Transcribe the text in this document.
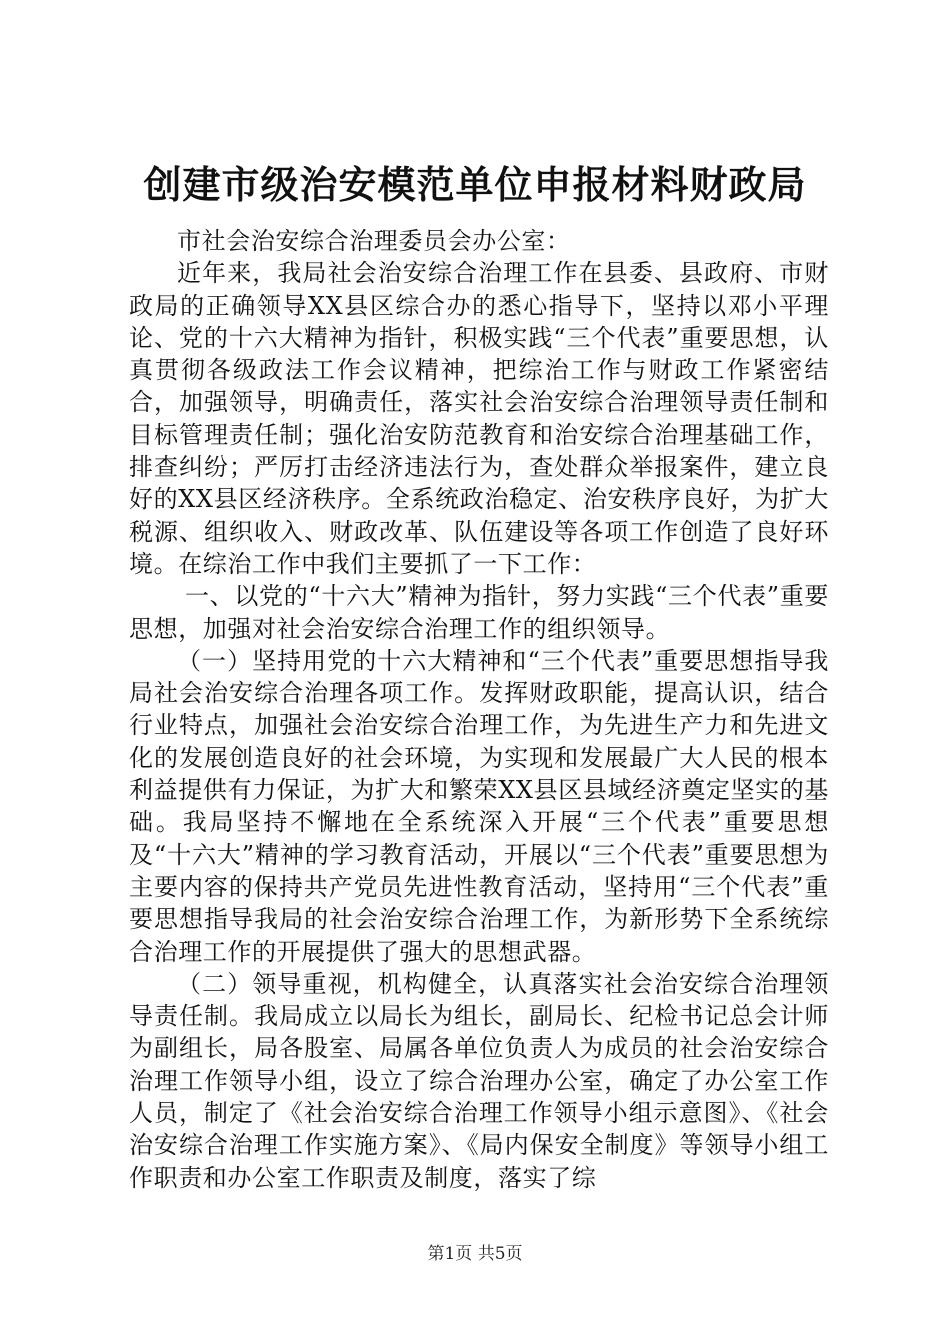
创建市级治安模范单位申报材料财政局

市社会治安综合治理委员会办公室：

近年来，我局社会治安综合治理工作在县委、县政府、市财政局的正确领导XX县区综合办的悉心指导下，坚持以邓小平理论、党的十六大精神为指针，积极实践“三个代表”重要思想，认真贯彻各级政法工作会议精神，把综治工作与财政工作紧密结合，加强领导，明确责任，落实社会治安综合治理领导责任制和目标管理责任制；强化治安防范教育和治安综合治理基础工作，排查纠纷；严厉打击经济违法行为，查处群众举报案件，建立良好的XX县区经济秩序。全系统政治稳定、治安秩序良好，为扩大税源、组织收入、财政改革、队伍建设等各项工作创造了良好环境。在综治工作中我们主要抓了一下工作：

一、以党的“十六大”精神为指针，努力实践“三个代表”重要思想，加强对社会治安综合治理工作的组织领导。

（一）坚持用党的十六大精神和“三个代表”重要思想指导我局社会治安综合治理各项工作。发挥财政职能，提高认识，结合行业特点，加强社会治安综合治理工作，为先进生产力和先进文化的发展创造良好的社会环境，为实现和发展最广大人民的根本利益提供有力保证，为扩大和繁荣XX县区县域经济奠定坚实的基础。我局坚持不懈地在全系统深入开展“三个代表”重要思想及“十六大”精神的学习教育活动，开展以“三个代表”重要思想为主要内容的保持共产党员先进性教育活动，坚持用“三个代表”重要思想指导我局的社会治安综合治理工作，为新形势下全系统综合治理工作的开展提供了强大的思想武器。

（二）领导重视，机构健全，认真落实社会治安综合治理领导责任制。我局成立以局长为组长，副局长、纪检书记总会计师为副组长，局各股室、局属各单位负责人为成员的社会治安综合治理工作领导小组，设立了综合治理办公室，确定了办公室工作人员，制定了《社会治安综合治理工作领导小组示意图》、《社会治安综合治理工作实施方案》、《局内保安全制度》等领导小组工作职责和办公室工作职责及制度，落实了综

第1页 共5页
